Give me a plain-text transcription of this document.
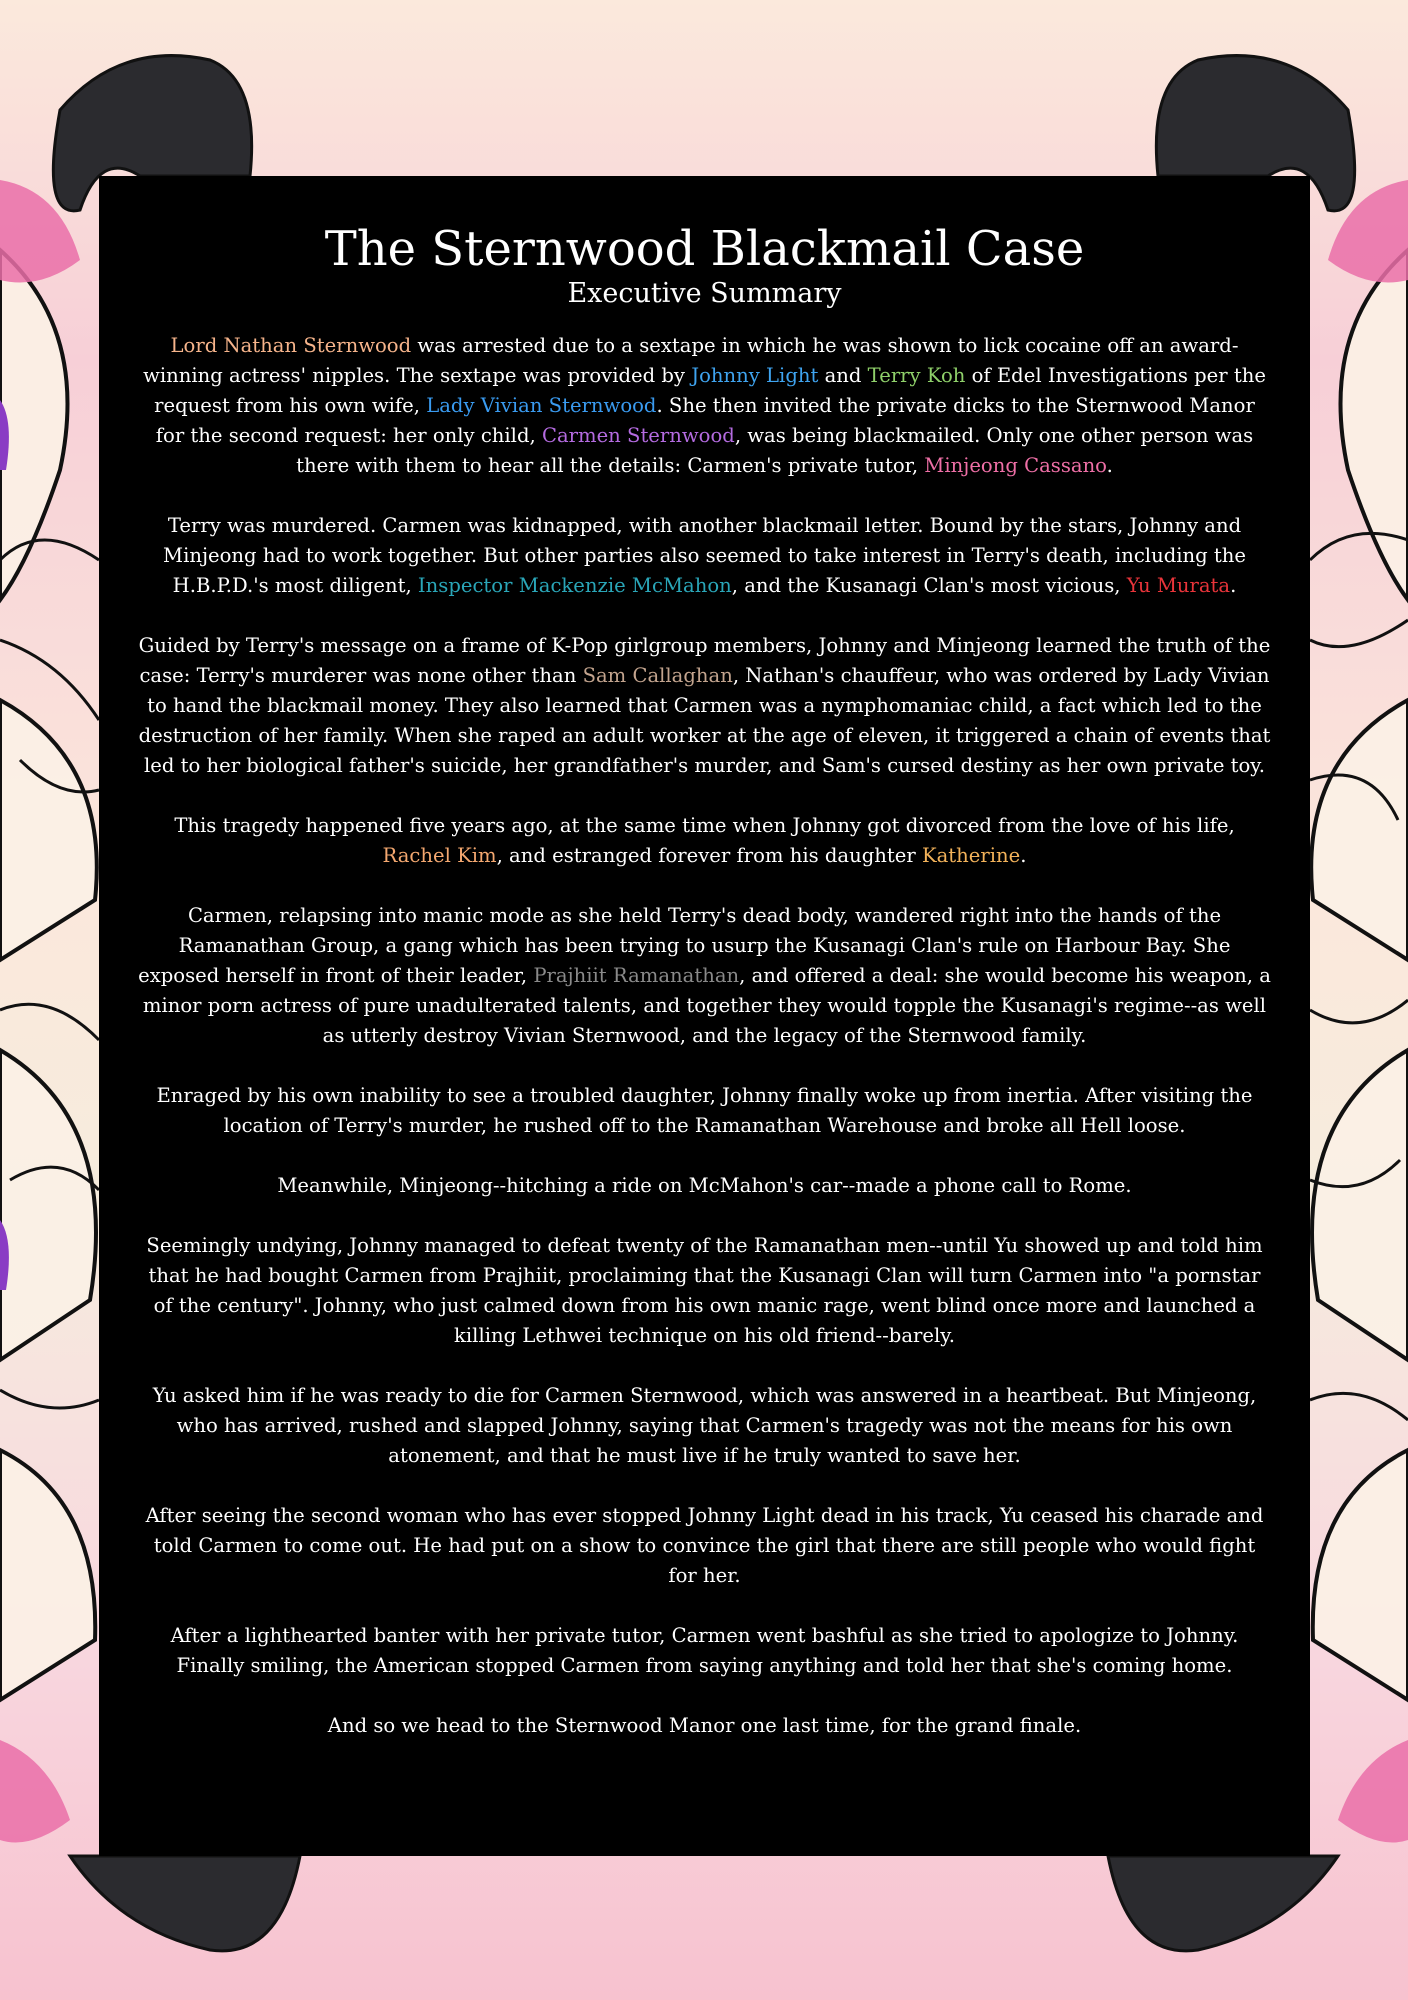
The Sternwood Blackmail Case
Executive Summary

Lord Nathan Sternwood was arrested due to a sextape in which he was shown to lick cocaine off an award-winning actress' nipples. The sextape was provided by Johnny Light and Terry Koh of Edel Investigations per the request from his own wife, Lady Vivian Sternwood. She then invited the private dicks to the Sternwood Manor for the second request: her only child, Carmen Sternwood, was being blackmailed. Only one other person was there with them to hear all the details: Carmen's private tutor, Minjeong Cassano.

Terry was murdered. Carmen was kidnapped, with another blackmail letter. Bound by the stars, Johnny and Minjeong had to work together. But other parties also seemed to take interest in Terry's death, including the H.B.P.D.'s most diligent, Inspector Mackenzie McMahon, and the Kusanagi Clan's most vicious, Yu Murata.

Guided by Terry's message on a frame of K-Pop girlgroup members, Johnny and Minjeong learned the truth of the case: Terry's murderer was none other than Sam Callaghan, Nathan's chauffeur, who was ordered by Lady Vivian to hand the blackmail money. They also learned that Carmen was a nymphomaniac child, a fact which led to the destruction of her family. When she raped an adult worker at the age of eleven, it triggered a chain of events that led to her biological father's suicide, her grandfather's murder, and Sam's cursed destiny as her own private toy.

This tragedy happened five years ago, at the same time when Johnny got divorced from the love of his life, Rachel Kim, and estranged forever from his daughter Katherine.

Carmen, relapsing into manic mode as she held Terry's dead body, wandered right into the hands of the Ramanathan Group, a gang which has been trying to usurp the Kusanagi Clan's rule on Harbour Bay. She exposed herself in front of their leader, Prajhiit Ramanathan, and offered a deal: she would become his weapon, a minor porn actress of pure unadulterated talents, and together they would topple the Kusanagi's regime--as well as utterly destroy Vivian Sternwood, and the legacy of the Sternwood family.

Enraged by his own inability to see a troubled daughter, Johnny finally woke up from inertia. After visiting the location of Terry's murder, he rushed off to the Ramanathan Warehouse and broke all Hell loose.

Meanwhile, Minjeong--hitching a ride on McMahon's car--made a phone call to Rome.

Seemingly undying, Johnny managed to defeat twenty of the Ramanathan men--until Yu showed up and told him that he had bought Carmen from Prajhiit, proclaiming that the Kusanagi Clan will turn Carmen into "a pornstar of the century". Johnny, who just calmed down from his own manic rage, went blind once more and launched a killing Lethwei technique on his old friend--barely.

Yu asked him if he was ready to die for Carmen Sternwood, which was answered in a heartbeat. But Minjeong, who has arrived, rushed and slapped Johnny, saying that Carmen's tragedy was not the means for his own atonement, and that he must live if he truly wanted to save her.

After seeing the second woman who has ever stopped Johnny Light dead in his track, Yu ceased his charade and told Carmen to come out. He had put on a show to convince the girl that there are still people who would fight for her.

After a lighthearted banter with her private tutor, Carmen went bashful as she tried to apologize to Johnny. Finally smiling, the American stopped Carmen from saying anything and told her that she's coming home.

And so we head to the Sternwood Manor one last time, for the grand finale.
